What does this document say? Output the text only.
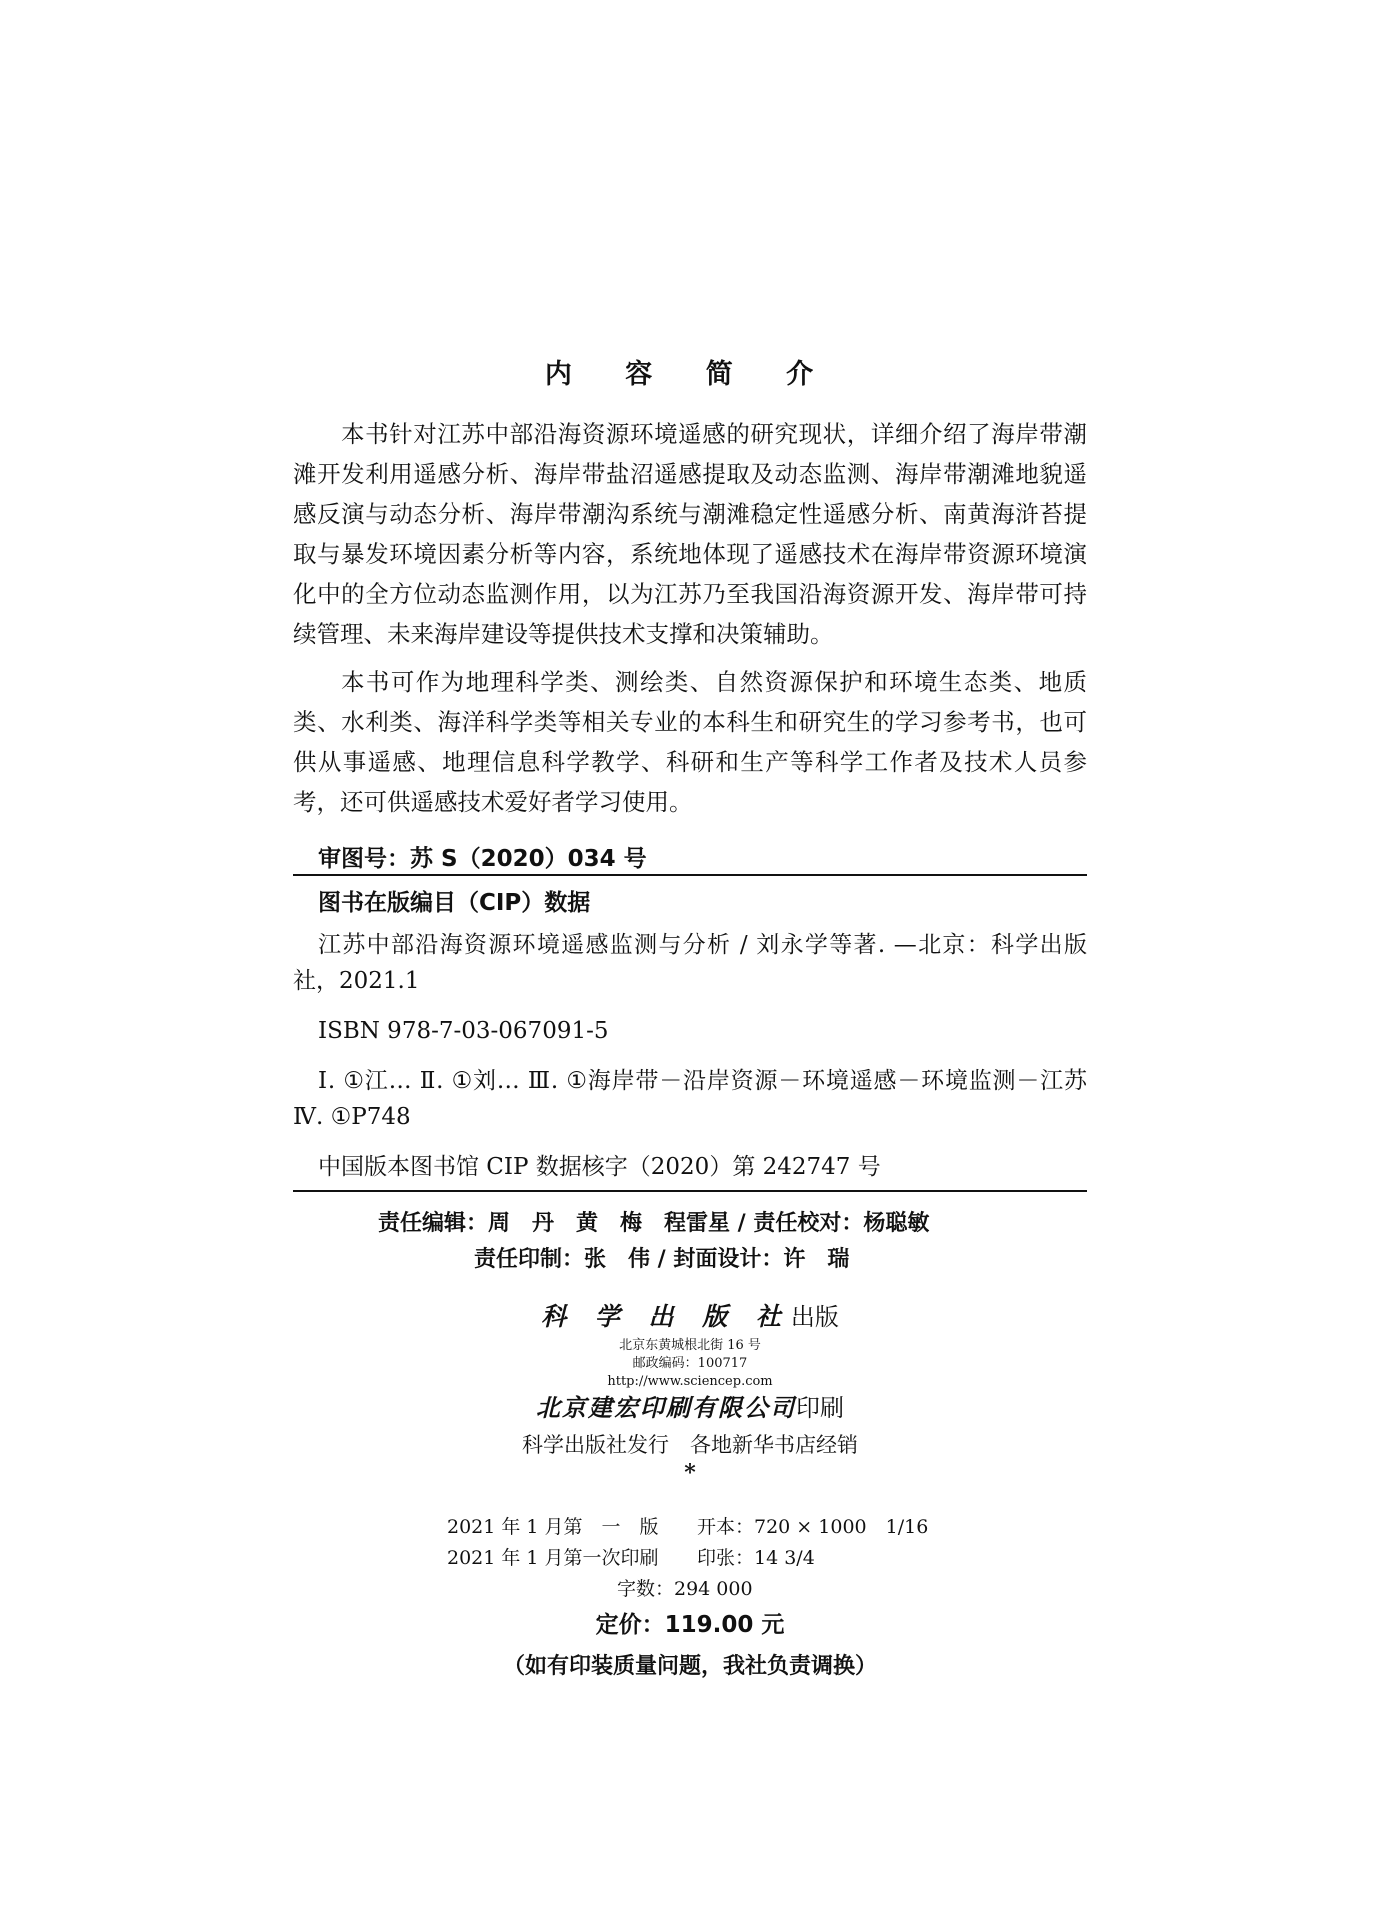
内 容 简 介

本书针对江苏中部沿海资源环境遥感的研究现状，详细介绍了海岸带潮滩开发利用遥感分析、海岸带盐沼遥感提取及动态监测、海岸带潮滩地貌遥感反演与动态分析、海岸带潮沟系统与潮滩稳定性遥感分析、南黄海浒苔提取与暴发环境因素分析等内容，系统地体现了遥感技术在海岸带资源环境演化中的全方位动态监测作用，以为江苏乃至我国沿海资源开发、海岸带可持续管理、未来海岸建设等提供技术支撑和决策辅助。

本书可作为地理科学类、测绘类、自然资源保护和环境生态类、地质类、水利类、海洋科学类等相关专业的本科生和研究生的学习参考书，也可供从事遥感、地理信息科学教学、科研和生产等科学工作者及技术人员参考，还可供遥感技术爱好者学习使用。

审图号：苏 S（2020）034 号
图书在版编目（CIP）数据

江苏中部沿海资源环境遥感监测与分析 / 刘永学等著. —北京：科学出版社，2021.1

ISBN 978-7-03-067091-5

Ⅰ. ①江… Ⅱ. ①刘… Ⅲ. ①海岸带－沿岸资源－环境遥感－环境监测－江苏 Ⅳ. ①P748

中国版本图书馆 CIP 数据核字（2020）第 242747 号

责任编辑：周　丹　黄　梅　程雷星 / 责任校对：杨聪敏
责任印制：张　伟 / 封面设计：许　瑞
科 学 出 版 社出版
北京东黄城根北街 16 号
邮政编码：100717
http://www.sciencep.com
北京建宏印刷有限公司印刷
科学出版社发行　各地新华书店经销
*
2021 年 1 月第　一　版 开本：720 × 1000　1/16
2021 年 1 月第一次印刷 印张：14 3/4
字数：294 000
定价：119.00 元
（如有印装质量问题，我社负责调换）
